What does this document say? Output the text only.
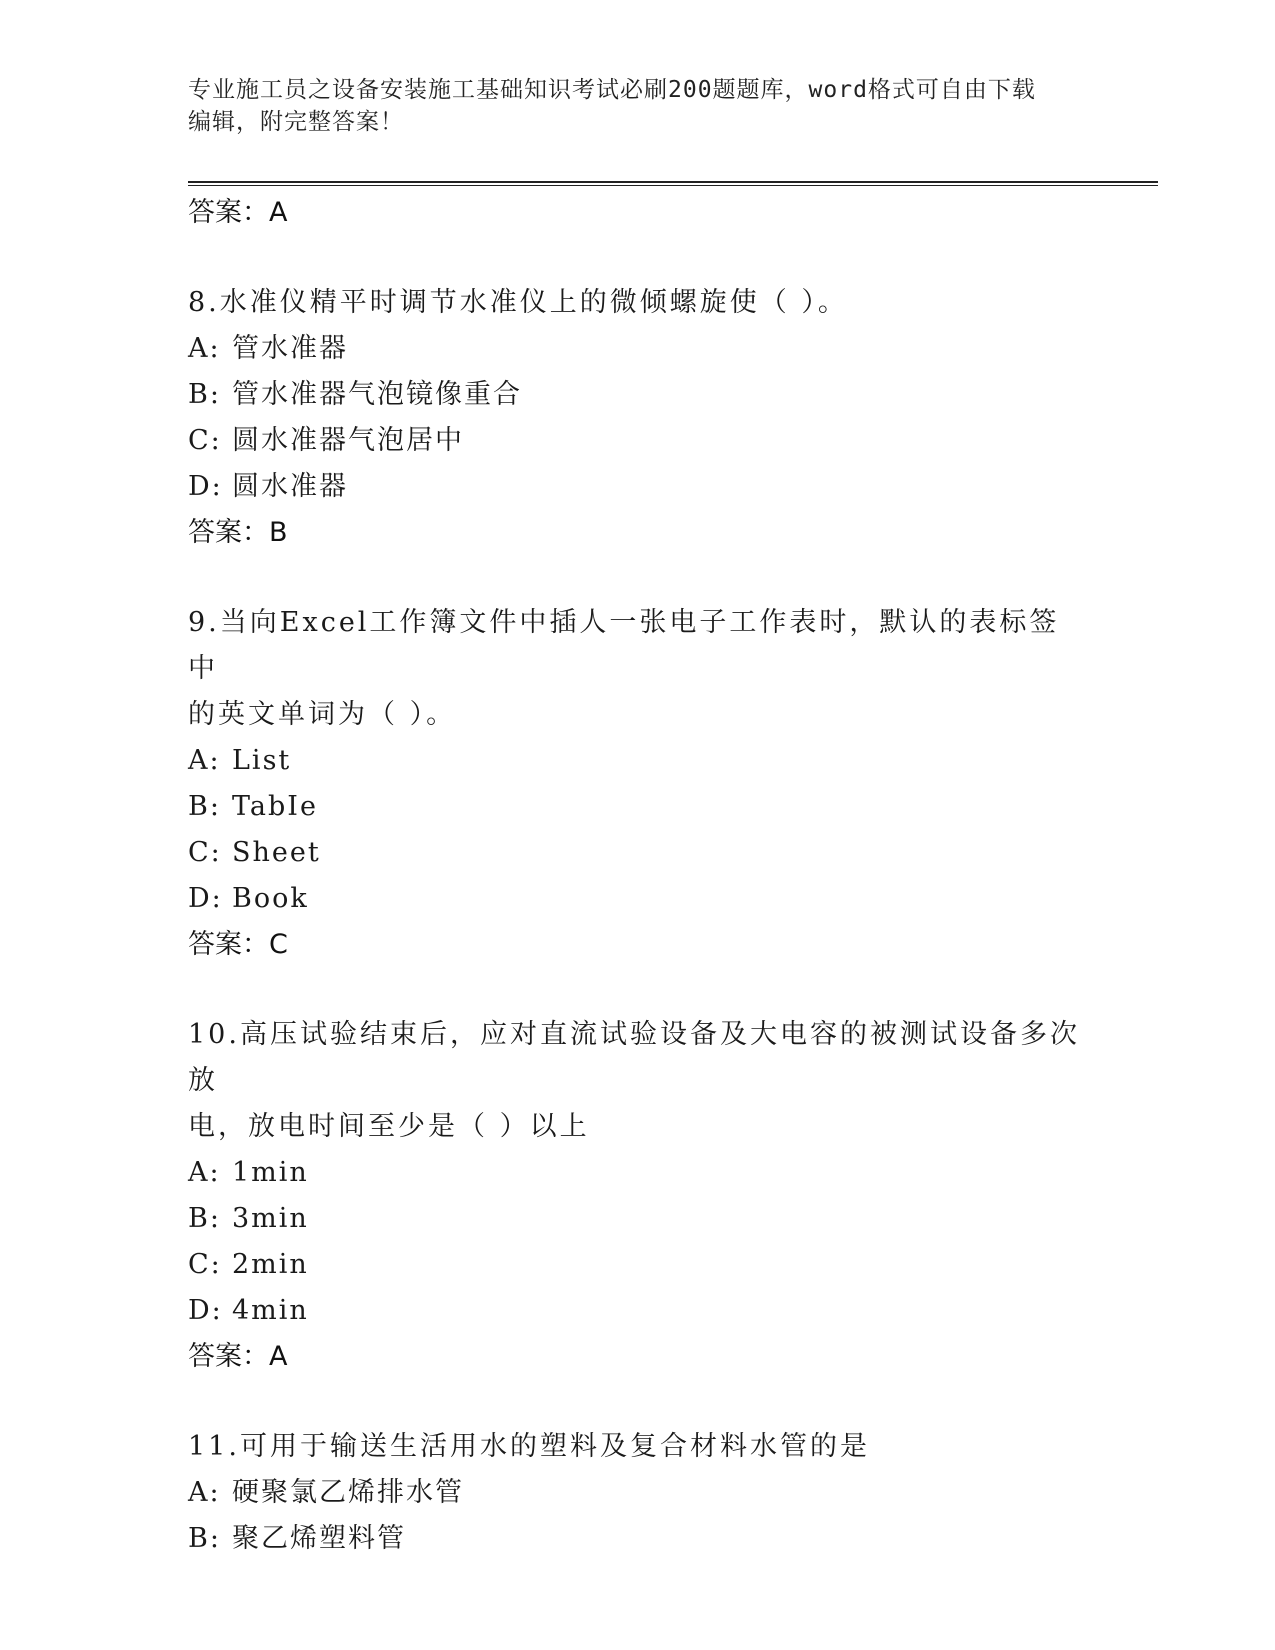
专业施工员之设备安装施工基础知识考试必刷200题题库，word格式可自由下载
编辑，附完整答案！
答案：A
8.水准仪精平时调节水准仪上的微倾螺旋使（ ）。
A: 管水准器
B: 管水准器气泡镜像重合
C: 圆水准器气泡居中
D: 圆水准器
答案：B
9.当向Excel工作簿文件中插人一张电子工作表时，默认的表标签中
的英文单词为（ ）。
A: List
B: TabIe
C: Sheet
D: Book
答案：C
10.高压试验结束后，应对直流试验设备及大电容的被测试设备多次放
电，放电时间至少是（ ）以上
A: 1min
B: 3min
C: 2min
D: 4min
答案：A
11.可用于输送生活用水的塑料及复合材料水管的是
A: 硬聚氯乙烯排水管
B: 聚乙烯塑料管
